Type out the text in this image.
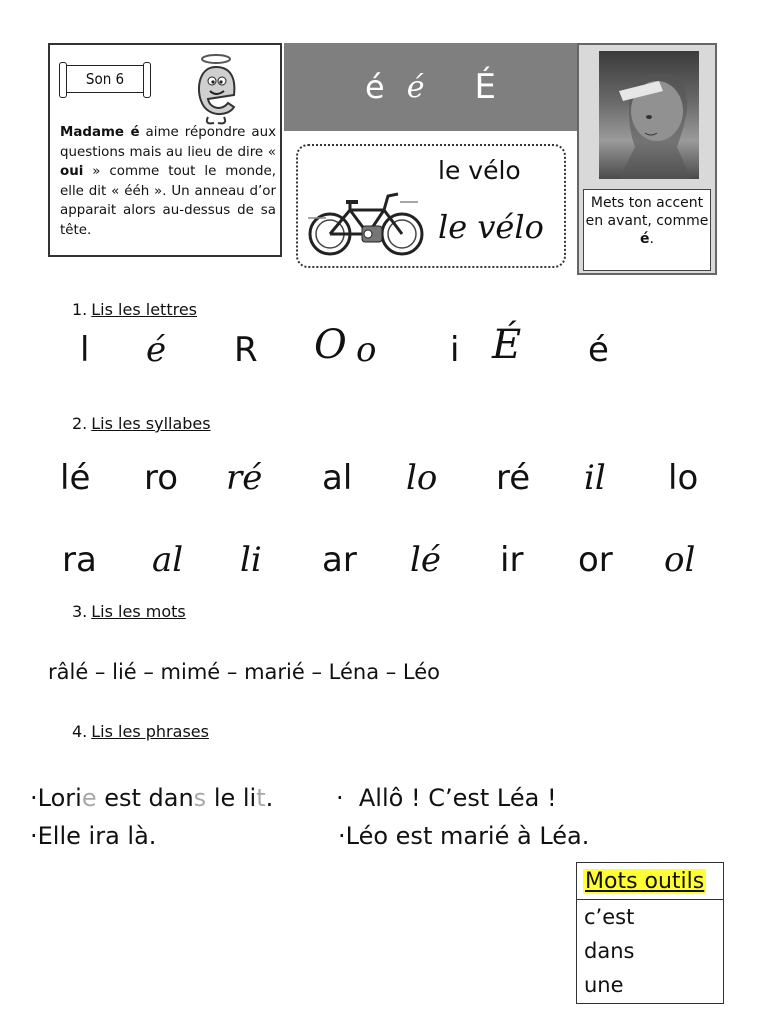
é é É
Son 6
Madame é aime répondre aux questions mais au lieu de dire « oui » comme tout le monde, elle dit « ééh ». Un anneau d’or apparait alors au-dessus de sa tête.
le vélo
le vélo
Mets ton accent en avant, comme é.
1. Lis les lettres
l é R O o i É é
2. Lis les syllabes
lé ro ré al lo ré il lo
ra al li ar lé ir or ol
3. Lis les mots
râlé – lié – mimé – marié – Léna – Léo
4. Lis les phrases
·Lorie est dans le lit.	·  Allô ! C’est Léa !
·Elle ira là.	·Léo est marié à Léa.
Mots outils
c’est
dans
une
